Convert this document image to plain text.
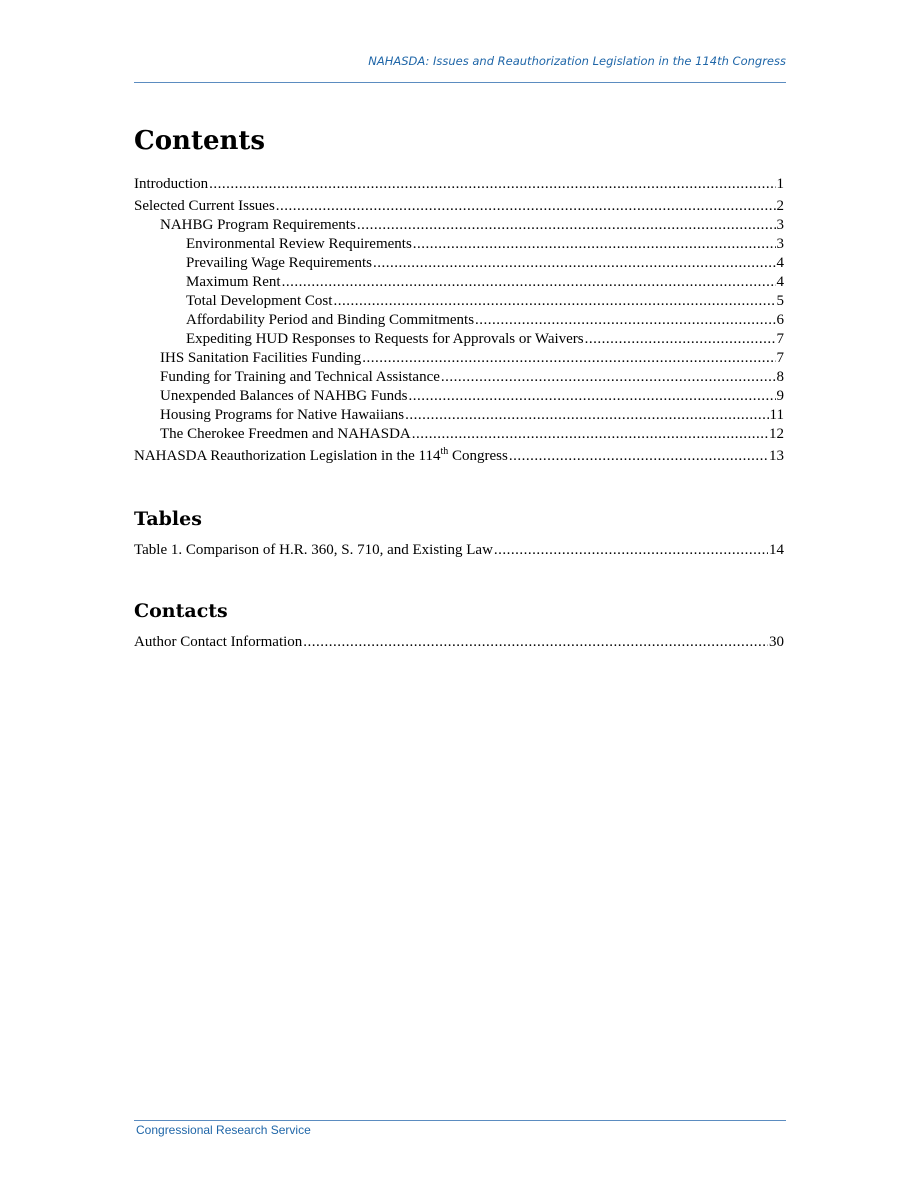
NAHASDA: Issues and Reauthorization Legislation in the 114th Congress
Contents
Introduction .....	1
Selected Current Issues .....	2
NAHBG Program Requirements .....	3
Environmental Review Requirements .....	3
Prevailing Wage Requirements .....	4
Maximum Rent .....	4
Total Development Cost .....	5
Affordability Period and Binding Commitments .....	6
Expediting HUD Responses to Requests for Approvals or Waivers .....	7
IHS Sanitation Facilities Funding .....	7
Funding for Training and Technical Assistance .....	8
Unexpended Balances of NAHBG Funds .....	9
Housing Programs for Native Hawaiians .....	11
The Cherokee Freedmen and NAHASDA .....	12
NAHASDA Reauthorization Legislation in the 114th Congress .....	13
Tables
Table 1. Comparison of H.R. 360, S. 710, and Existing Law .....	14
Contacts
Author Contact Information .....	30
Congressional Research Service
